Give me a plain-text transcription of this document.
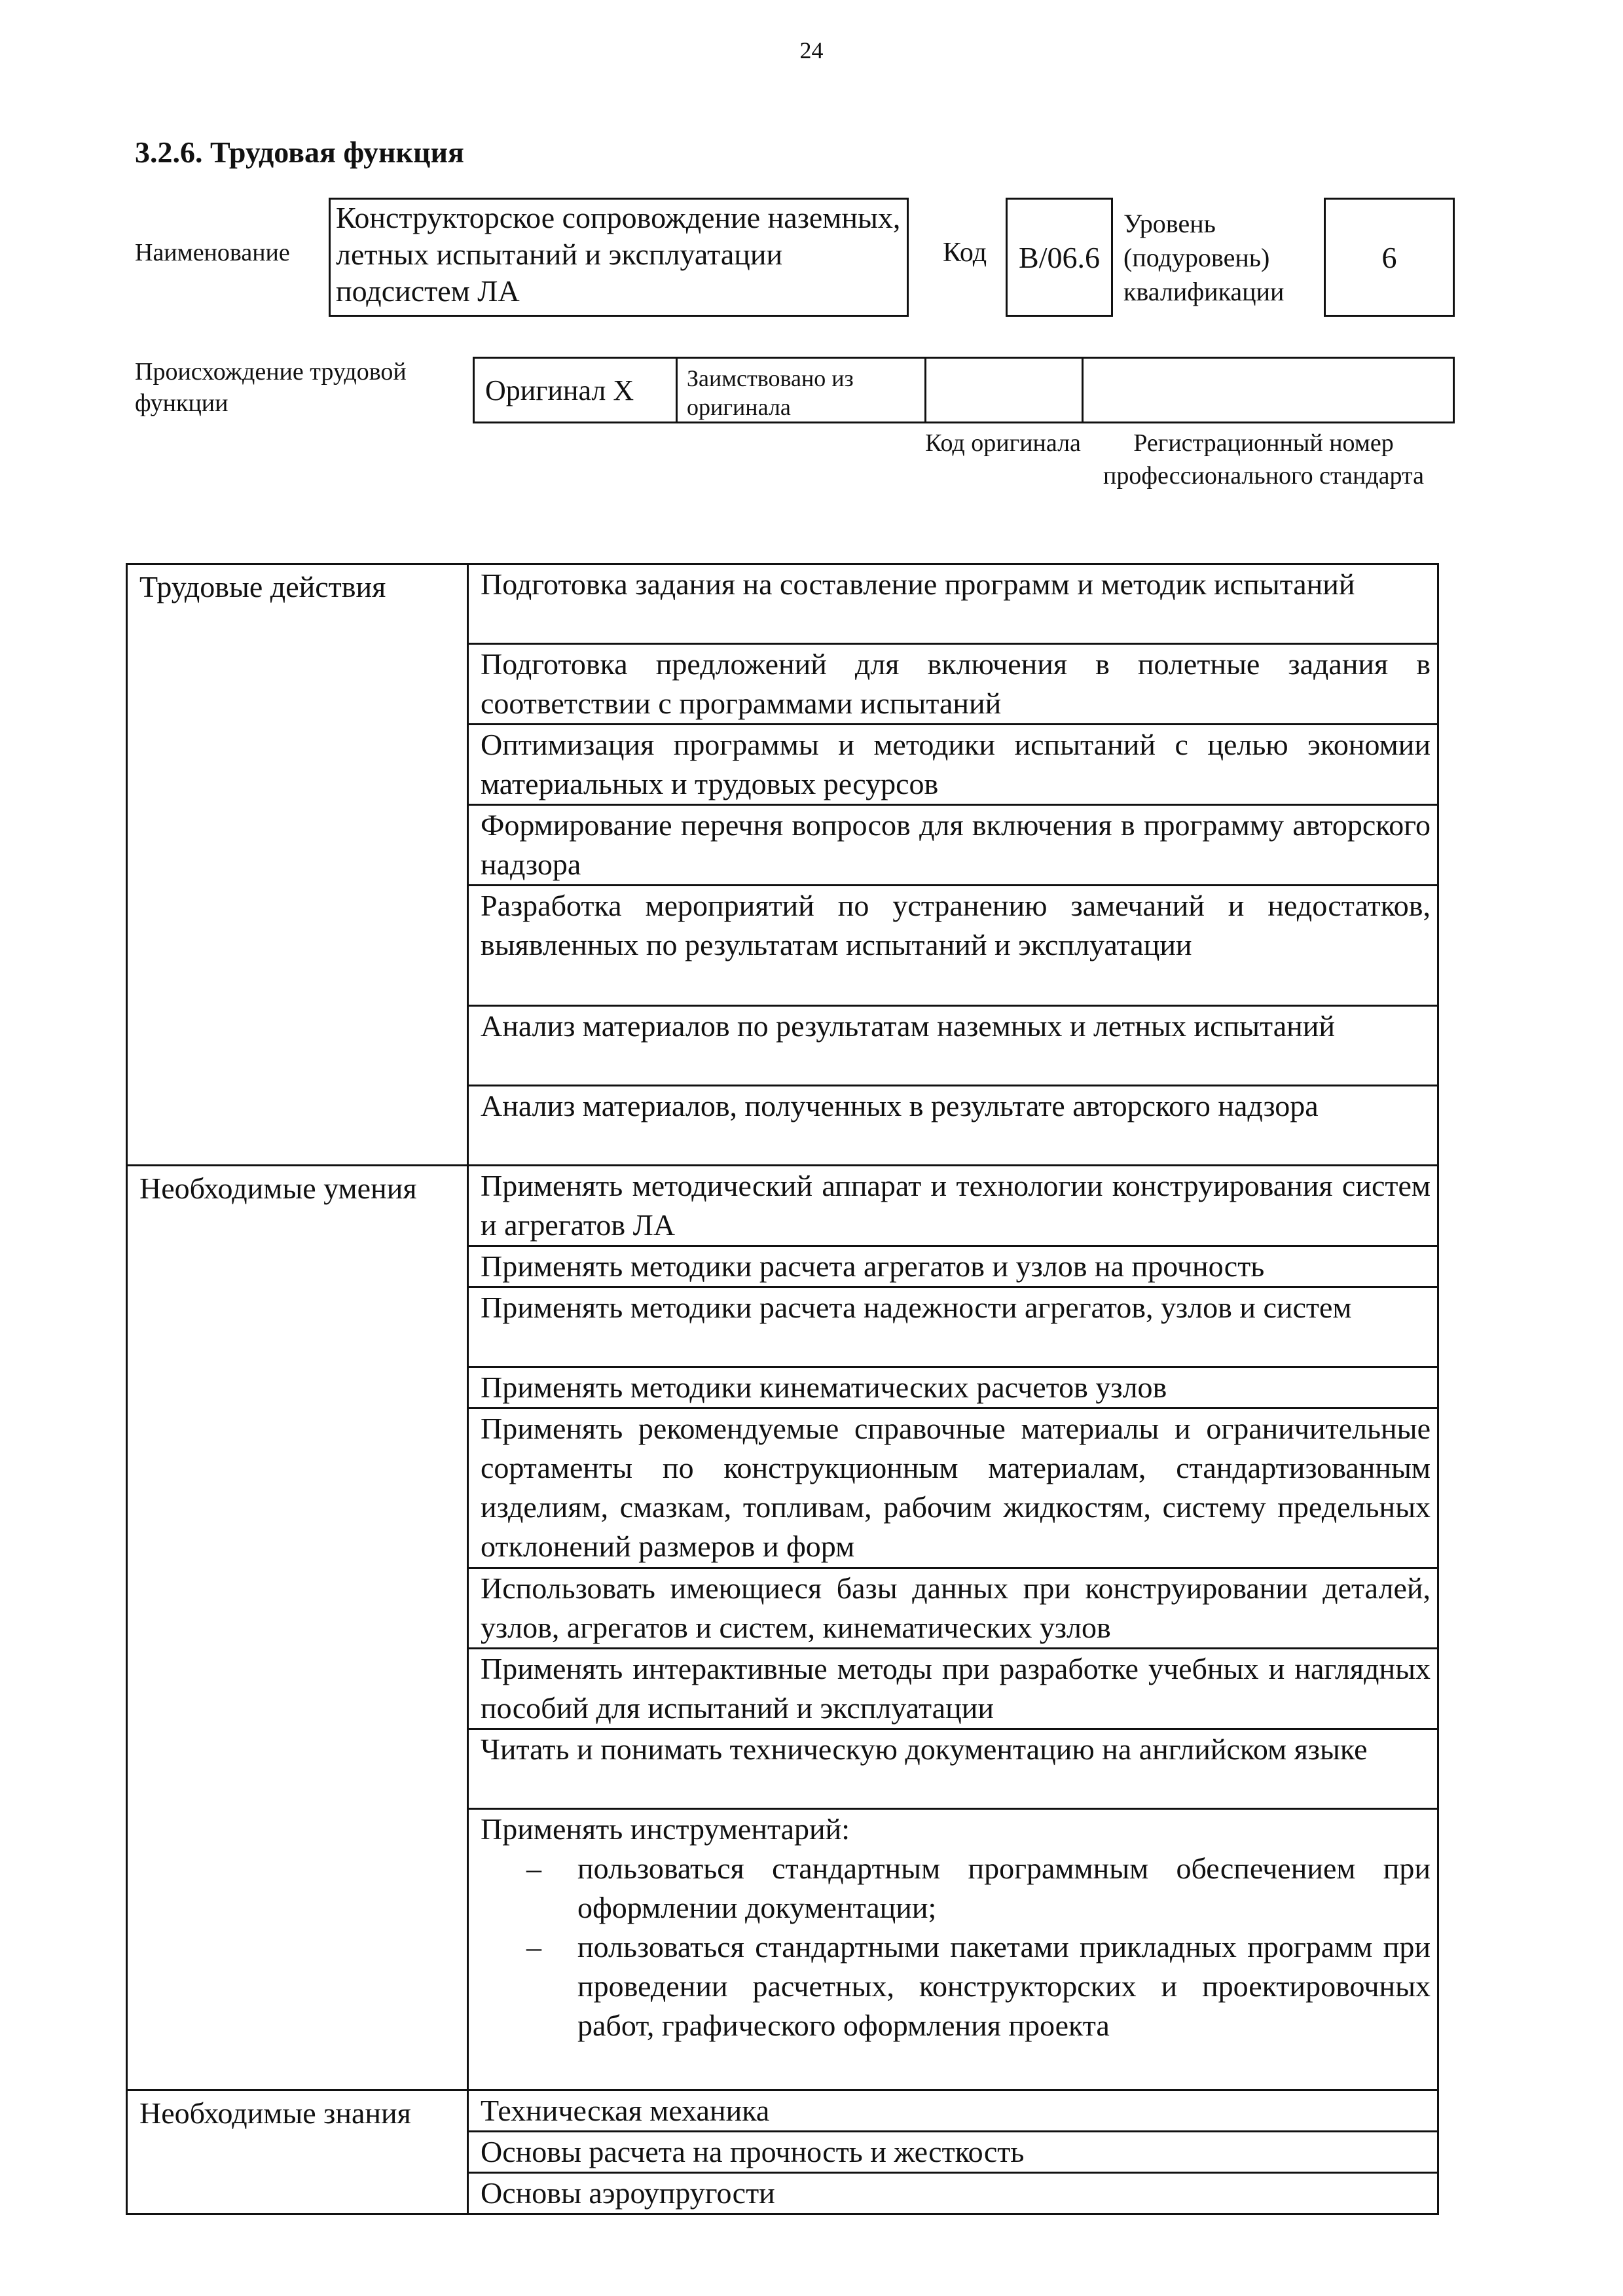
24
3.2.6. Трудовая функция
Наименование
Конструкторское сопровождение наземных, летных испытаний и эксплуатации подсистем ЛА
Код	B/06.6
Уровень (подуровень) квалификации
6
Происхождение трудовой функции	Оригинал X	Заимствовано из оригинала
Код оригинала	Регистрационный номер профессионального стандарта
Трудовые действия	Подготовка задания на составление программ и методик испытаний
	Подготовка предложений для включения в полетные задания в соответствии с программами испытаний
	Оптимизация программы и методики испытаний с целью экономии материальных и трудовых ресурсов
	Формирование перечня вопросов для включения в программу авторского надзора
	Разработка мероприятий по устранению замечаний и недостатков, выявленных по результатам испытаний и эксплуатации
	Анализ материалов по результатам наземных и летных испытаний
	Анализ материалов, полученных в результате авторского надзора
Необходимые умения	Применять методический аппарат и технологии конструирования систем и агрегатов ЛА
	Применять методики расчета агрегатов и узлов на прочность
	Применять методики расчета надежности агрегатов, узлов и систем
	Применять методики кинематических расчетов узлов
	Применять рекомендуемые справочные материалы и ограничительные сортаменты по конструкционным материалам, стандартизованным изделиям, смазкам, топливам, рабочим жидкостям, систему предельных отклонений размеров и форм
	Использовать имеющиеся базы данных при конструировании деталей, узлов, агрегатов и систем, кинематических узлов
	Применять интерактивные методы при разработке учебных и наглядных пособий для испытаний и эксплуатации
	Читать и понимать техническую документацию на английском языке

	Применять инструментарий:
– пользоваться стандартным программным обеспечением при оформлении документации;
– пользоваться стандартными пакетами прикладных программ при проведении расчетных, конструкторских и проектировочных работ, графического оформления проекта

Необходимые знания	Техническая механика
	Основы расчета на прочность и жесткость
	Основы аэроупругости
